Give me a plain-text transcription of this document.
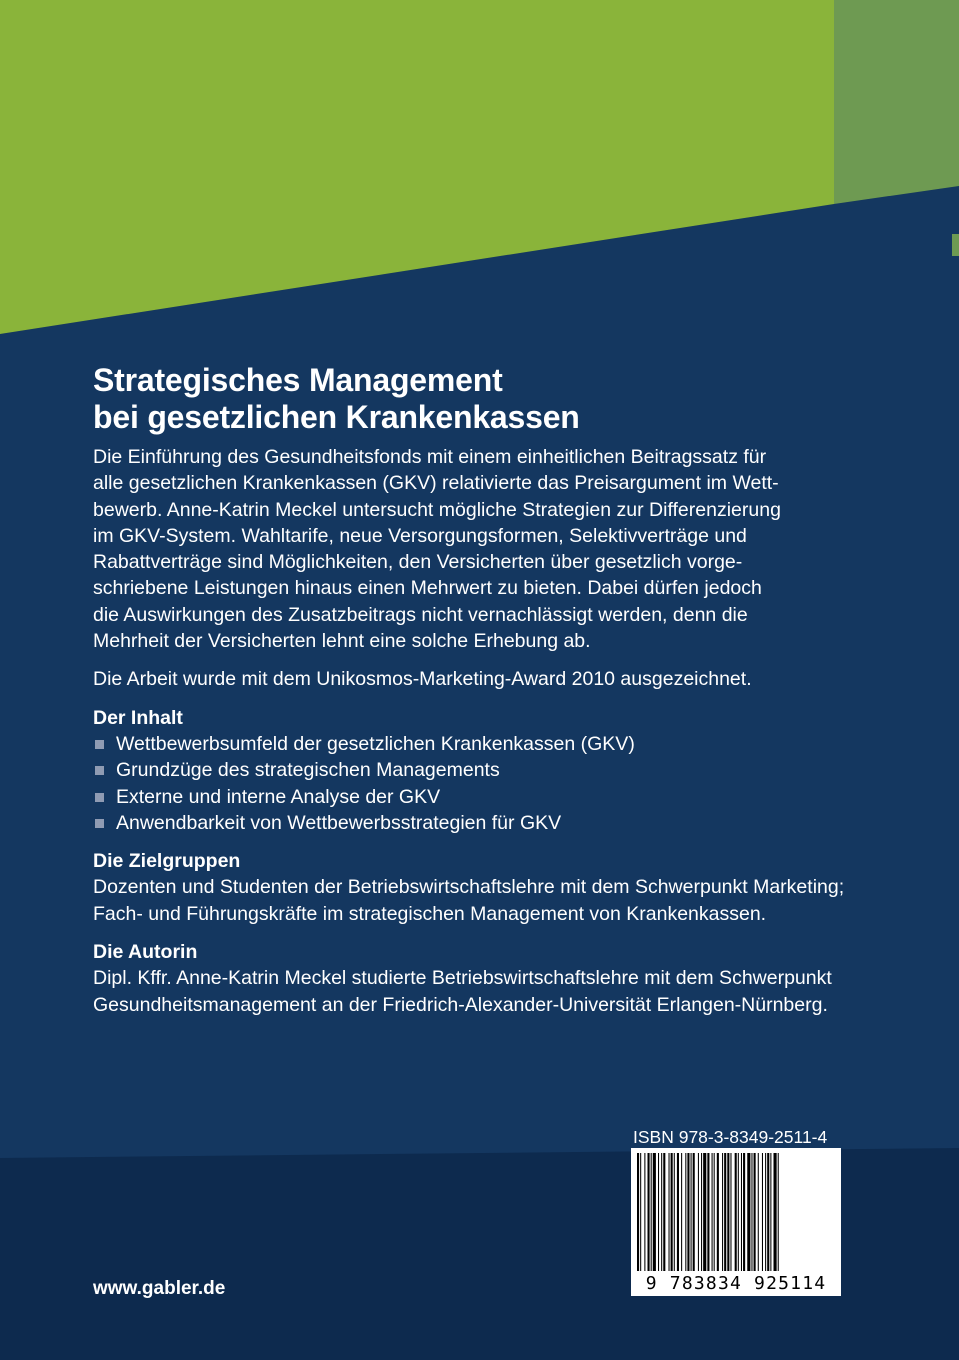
Strategisches Management
bei gesetzlichen Krankenkassen

Die Einführung des Gesundheitsfonds mit einem einheitlichen Beitragssatz für
alle gesetzlichen Krankenkassen (GKV) relativierte das Preisargument im Wett-
bewerb. Anne-Katrin Meckel untersucht mögliche Strategien zur Differenzierung
im GKV-System. Wahltarife, neue Versorgungsformen, Selektivverträge und
Rabattverträge sind Möglichkeiten, den Versicherten über gesetzlich vorge-
schriebene Leistungen hinaus einen Mehrwert zu bieten. Dabei dürfen jedoch
die Auswirkungen des Zusatzbeitrags nicht vernachlässigt werden, denn die
Mehrheit der Versicherten lehnt eine solche Erhebung ab.

Die Arbeit wurde mit dem Unikosmos-Marketing-Award 2010 ausgezeichnet.

Der Inhalt
Wettbewerbsumfeld der gesetzlichen Krankenkassen (GKV)
Grundzüge des strategischen Managements
Externe und interne Analyse der GKV
Anwendbarkeit von Wettbewerbsstrategien für GKV
Die Zielgruppen

Dozenten und Studenten der Betriebswirtschaftslehre mit dem Schwerpunkt Marketing; Fach- und Führungskräfte im strategischen Management von Krankenkassen.

Die Autorin

Dipl. Kffr. Anne-Katrin Meckel studierte Betriebswirtschaftslehre mit dem Schwerpunkt Gesundheitsmanagement an der Friedrich-Alexander-Universität Erlangen-Nürnberg.

ISBN 978-3-8349-2511-4
9 783834 925114
www.gabler.de
